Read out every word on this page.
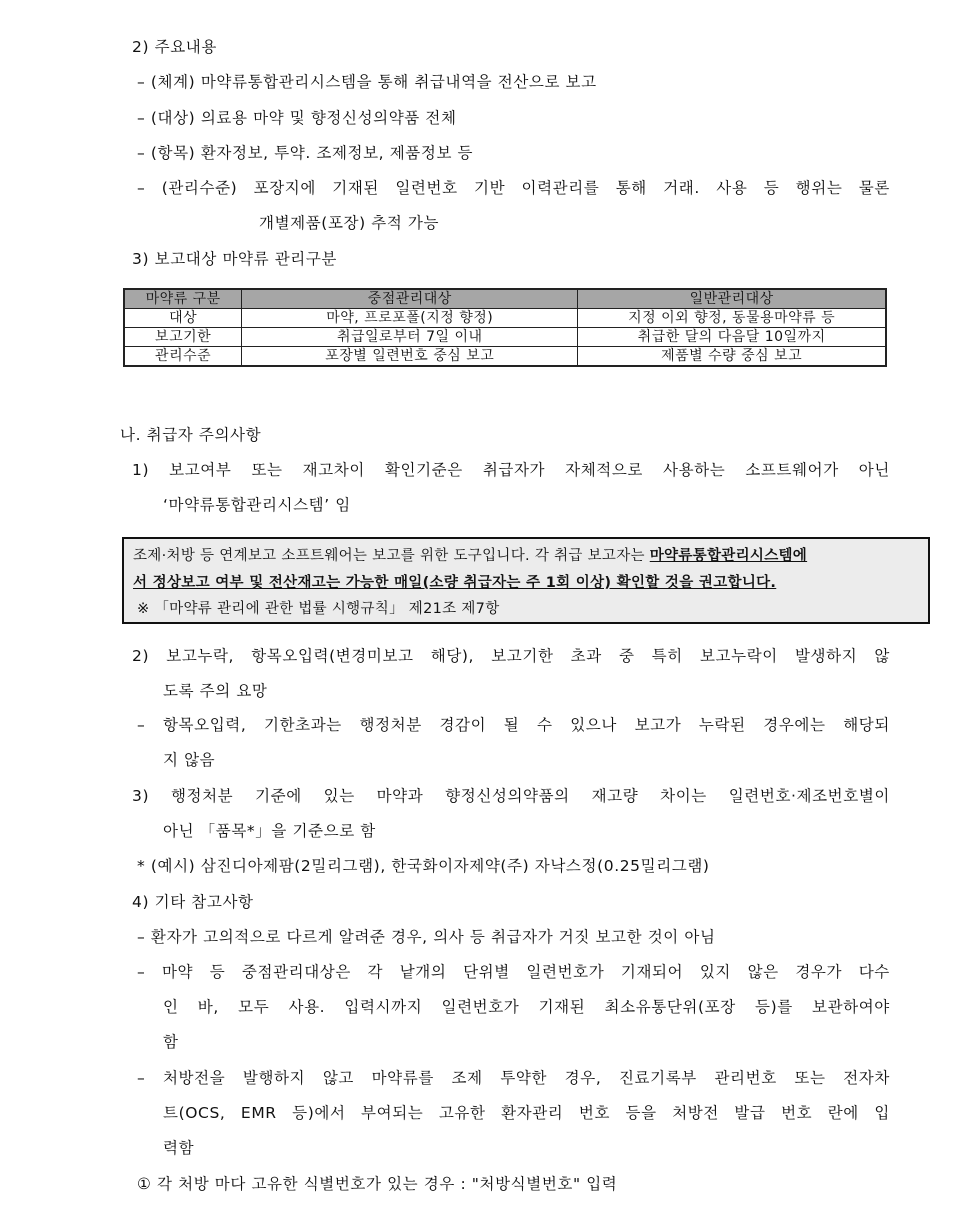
2) 주요내용
– (체계) 마약류통합관리시스템을 통해 취급내역을 전산으로 보고
– (대상) 의료용 마약 및 향정신성의약품 전체
– (항목) 환자정보, 투약. 조제정보, 제품정보 등
– (관리수준) 포장지에 기재된 일련번호 기반 이력관리를 통해 거래. 사용 등 행위는 물론
개별제품(포장) 추적 가능
3) 보고대상 마약류 관리구분
마약류 구분	중점관리대상	일반관리대상
대상	마약, 프로포폴(지정 향정)	지정 이외 향정, 동물용마약류 등
보고기한	취급일로부터 7일 이내	취급한 달의 다음달 10일까지
관리수준	포장별 일련번호 중심 보고	제품별 수량 중심 보고
나. 취급자 주의사항
1) 보고여부 또는 재고차이 확인기준은 취급자가 자체적으로 사용하는 소프트웨어가 아닌
‘마약류통합관리시스템’ 임
조제·처방 등 연계보고 소프트웨어는 보고를 위한 도구입니다. 각 취급 보고자는 마약류통합관리시스템에
서 정상보고 여부 및 전산재고는 가능한 매일(소량 취급자는 주 1회 이상) 확인할 것을 권고합니다.
※ 「마약류 관리에 관한 법률 시행규칙」 제21조 제7항
2) 보고누락, 항목오입력(변경미보고 해당), 보고기한 초과 중 특히 보고누락이 발생하지 않
도록 주의 요망
– 항목오입력, 기한초과는 행정처분 경감이 될 수 있으나 보고가 누락된 경우에는 해당되
지 않음
3) 행정처분 기준에 있는 마약과 향정신성의약품의 재고량 차이는 일련번호·제조번호별이
아닌 「품목*」을 기준으로 함
* (예시) 삼진디아제팜(2밀리그램), 한국화이자제약(주) 자낙스정(0.25밀리그램)
4) 기타 참고사항
– 환자가 고의적으로 다르게 알려준 경우, 의사 등 취급자가 거짓 보고한 것이 아님
– 마약 등 중점관리대상은 각 낱개의 단위별 일련번호가 기재되어 있지 않은 경우가 다수
인 바, 모두 사용. 입력시까지 일련번호가 기재된 최소유통단위(포장 등)를 보관하여야
함
– 처방전을 발행하지 않고 마약류를 조제 투약한 경우, 진료기록부 관리번호 또는 전자차
트(OCS, EMR 등)에서 부여되는 고유한 환자관리 번호 등을 처방전 발급 번호 란에 입
력함
① 각 처방 마다 고유한 식별번호가 있는 경우 : "처방식별번호" 입력
